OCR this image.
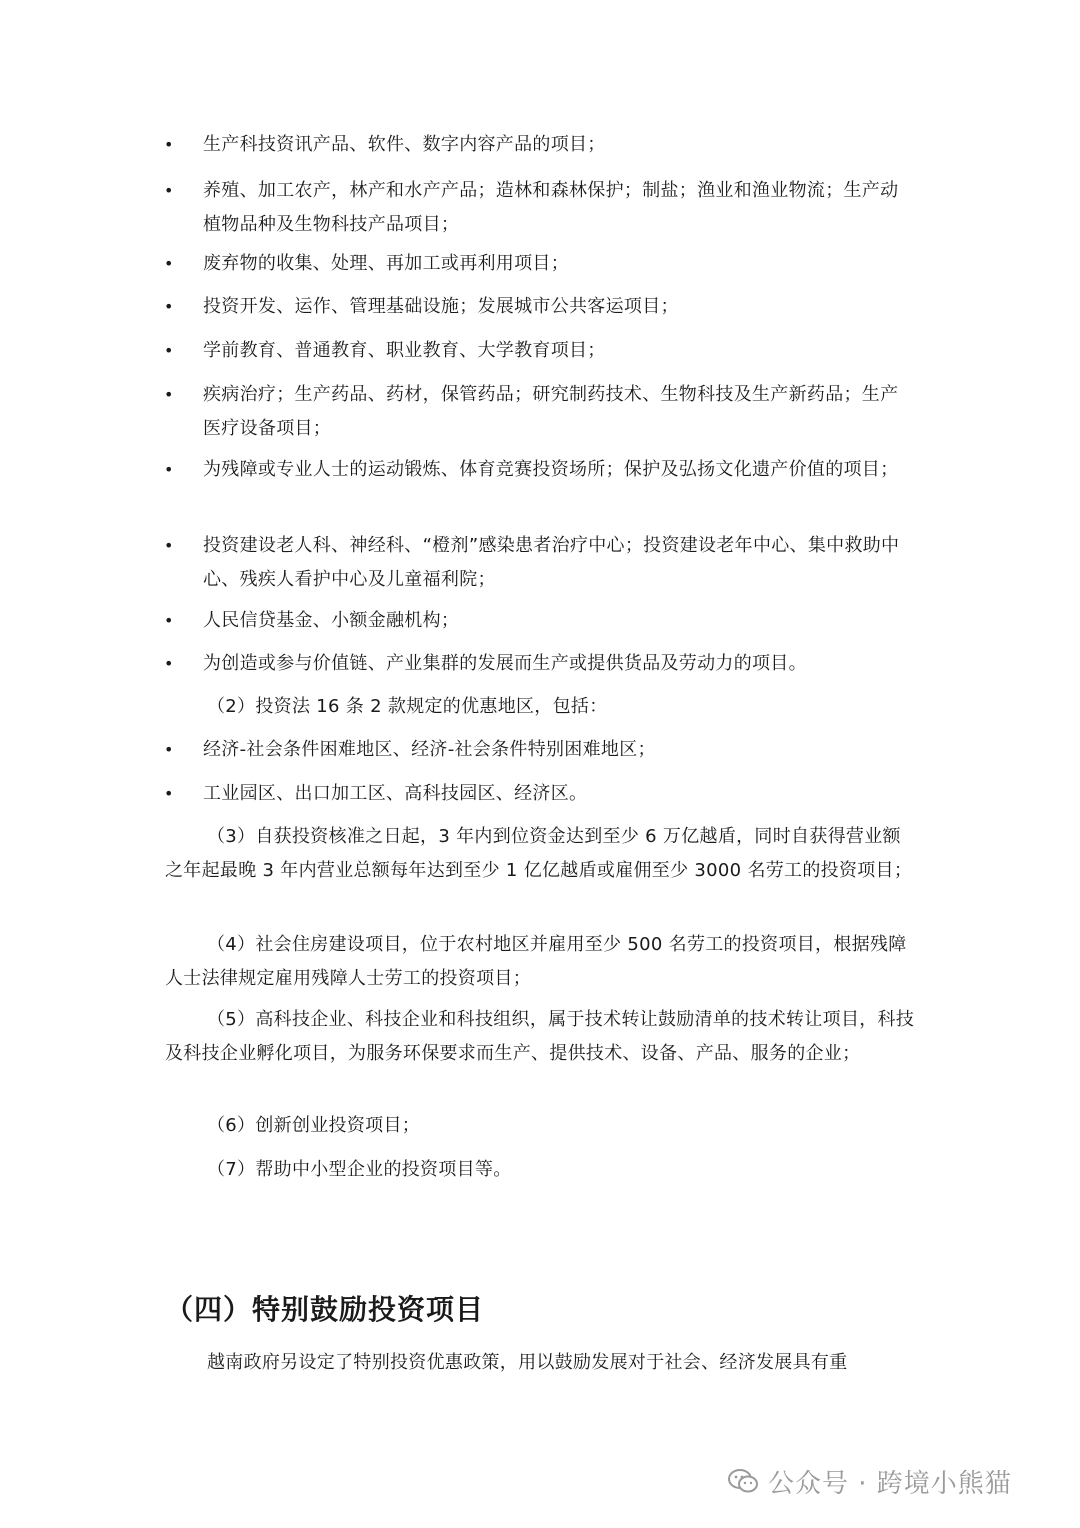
• 生产科技资讯产品、软件、数字内容产品的项目；
• 养殖、加工农产，林产和水产产品；造林和森林保护；制盐；渔业和渔业物流；生产动植物品种及生物科技产品项目；
• 废弃物的收集、处理、再加工或再利用项目；
• 投资开发、运作、管理基础设施；发展城市公共客运项目；
• 学前教育、普通教育、职业教育、大学教育项目；
• 疾病治疗；生产药品、药材，保管药品；研究制药技术、生物科技及生产新药品；生产医疗设备项目；
• 为残障或专业人士的运动锻炼、体育竞赛投资场所；保护及弘扬文化遗产价值的项目；
• 投资建设老人科、神经科、“橙剂”感染患者治疗中心；投资建设老年中心、集中救助中心、残疾人看护中心及儿童福利院；
• 人民信贷基金、小额金融机构；
• 为创造或参与价值链、产业集群的发展而生产或提供货品及劳动力的项目。
（2）投资法 16 条 2 款规定的优惠地区，包括：
• 经济-社会条件困难地区、经济-社会条件特别困难地区；
• 工业园区、出口加工区、高科技园区、经济区。
（3）自获投资核准之日起，3 年内到位资金达到至少 6 万亿越盾，同时自获得营业额之年起最晚 3 年内营业总额每年达到至少 1 亿亿越盾或雇佣至少 3000 名劳工的投资项目；
（4）社会住房建设项目，位于农村地区并雇用至少 500 名劳工的投资项目，根据残障人士法律规定雇用残障人士劳工的投资项目；
（5）高科技企业、科技企业和科技组织，属于技术转让鼓励清单的技术转让项目，科技及科技企业孵化项目，为服务环保要求而生产、提供技术、设备、产品、服务的企业；
（6）创新创业投资项目；
（7）帮助中小型企业的投资项目等。
（四）特别鼓励投资项目
越南政府另设定了特别投资优惠政策，用以鼓励发展对于社会、经济发展具有重
公众号 · 跨境小熊猫
